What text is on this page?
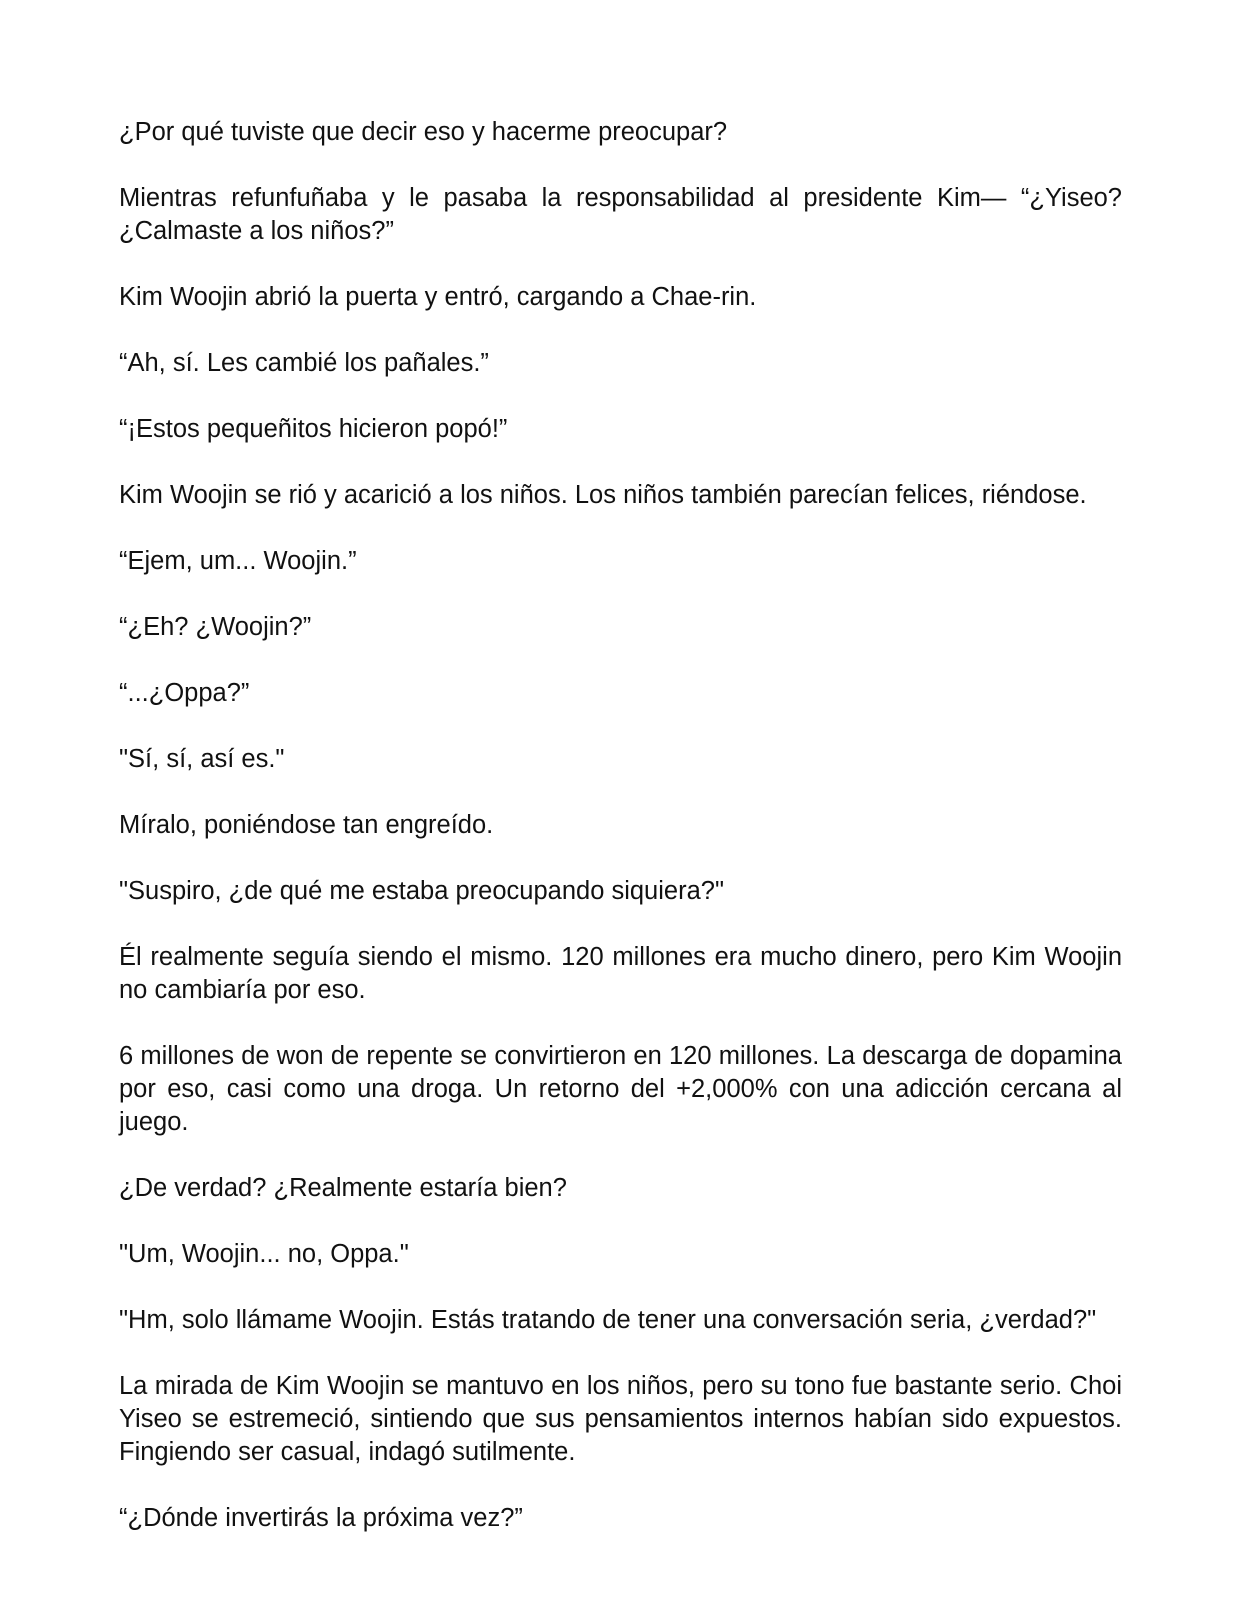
¿Por qué tuviste que decir eso y hacerme preocupar?

Mientras refunfuñaba y le pasaba la responsabilidad al presidente Kim— “¿Yiseo? ¿Calmaste a los niños?”

Kim Woojin abrió la puerta y entró, cargando a Chae-rin.

“Ah, sí. Les cambié los pañales.”

“¡Estos pequeñitos hicieron popó!”

Kim Woojin se rió y acarició a los niños. Los niños también parecían felices, riéndose.

“Ejem, um... Woojin.”

“¿Eh? ¿Woojin?”

“...¿Oppa?”

"Sí, sí, así es."

Míralo, poniéndose tan engreído.

"Suspiro, ¿de qué me estaba preocupando siquiera?"

Él realmente seguía siendo el mismo. 120 millones era mucho dinero, pero Kim Woojin no cambiaría por eso.

6 millones de won de repente se convirtieron en 120 millones. La descarga de dopamina por eso, casi como una droga. Un retorno del +2,000% con una adicción cercana al juego.

¿De verdad? ¿Realmente estaría bien?

"Um, Woojin... no, Oppa."

"Hm, solo llámame Woojin. Estás tratando de tener una conversación seria, ¿verdad?"

La mirada de Kim Woojin se mantuvo en los niños, pero su tono fue bastante serio. Choi Yiseo se estremeció, sintiendo que sus pensamientos internos habían sido expuestos. Fingiendo ser casual, indagó sutilmente.

“¿Dónde invertirás la próxima vez?”
